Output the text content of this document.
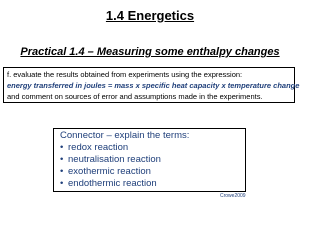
1.4 Energetics
Practical 1.4 – Measuring some enthalpy changes
f. evaluate the results obtained from experiments using the expression:
energy transferred in joules = mass x specific heat capacity x temperature change
and comment on sources of error and assumptions made in the experiments.
Connector – explain the terms:
• redox reaction
• neutralisation reaction
• exothermic reaction
• endothermic reaction
Crowe2009
